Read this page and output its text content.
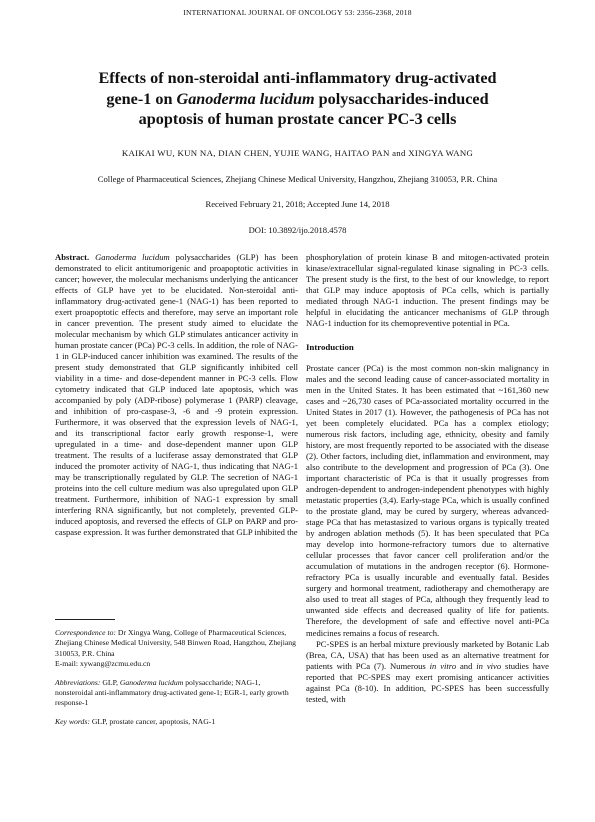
INTERNATIONAL JOURNAL OF ONCOLOGY 53: 2356-2368, 2018
Effects of non-steroidal anti-inflammatory drug-activated
gene-1 on Ganoderma lucidum polysaccharides-induced
apoptosis of human prostate cancer PC-3 cells
KAIKAI WU, KUN NA, DIAN CHEN, YUJIE WANG, HAITAO PAN and XINGYA WANG
College of Pharmaceutical Sciences, Zhejiang Chinese Medical University, Hangzhou, Zhejiang 310053, P.R. China
Received February 21, 2018; Accepted June 14, 2018
DOI: 10.3892/ijo.2018.4578

Abstract. Ganoderma lucidum polysaccharides (GLP) has been demonstrated to elicit antitumorigenic and proapoptotic activities in cancer; however, the molecular mechanisms underlying the anticancer effects of GLP have yet to be elucidated. Non-steroidal anti-inflammatory drug-activated gene-1 (NAG-1) has been reported to exert proapoptotic effects and therefore, may serve an important role in cancer prevention. The present study aimed to elucidate the molecular mechanism by which GLP stimulates anticancer activity in human prostate cancer (PCa) PC-3 cells. In addition, the role of NAG-1 in GLP-induced cancer inhibition was examined. The results of the present study demonstrated that GLP significantly inhibited cell viability in a time- and dose-dependent manner in PC-3 cells. Flow cytometry indicated that GLP induced late apoptosis, which was accompanied by poly (ADP-ribose) polymerase 1 (PARP) cleavage, and inhibition of pro-caspase-3, -6 and -9 protein expression. Furthermore, it was observed that the expression levels of NAG-1, and its transcriptional factor early growth response-1, were upregulated in a time- and dose-dependent manner upon GLP treatment. The results of a luciferase assay demonstrated that GLP induced the promoter activity of NAG-1, thus indicating that NAG-1 may be transcriptionally regulated by GLP. The secretion of NAG-1 proteins into the cell culture medium was also upregulated upon GLP treatment. Furthermore, inhibition of NAG-1 expression by small interfering RNA significantly, but not completely, prevented GLP-induced apoptosis, and reversed the effects of GLP on PARP and pro-caspase expression. It was further demonstrated that GLP inhibited the

Correspondence to: Dr Xingya Wang, College of Pharmaceutical Sciences, Zhejiang Chinese Medical University, 548 Binwen Road, Hangzhou, Zhejiang 310053, P.R. China
E-mail: xywang@zcmu.edu.cn

Abbreviations: GLP, Ganoderma lucidum polysaccharide; NAG-1, nonsteroidal anti-inflammatory drug-activated gene-1; EGR-1, early growth response-1

Key words: GLP, prostate cancer, apoptosis, NAG-1

phosphorylation of protein kinase B and mitogen-activated protein kinase/extracellular signal-regulated kinase signaling in PC-3 cells. The present study is the first, to the best of our knowledge, to report that GLP may induce apoptosis of PCa cells, which is partially mediated through NAG-1 induction. The present findings may be helpful in elucidating the anticancer mechanisms of GLP through NAG-1 induction for its chemopreventive potential in PCa.

Introduction

Prostate cancer (PCa) is the most common non-skin malignancy in males and the second leading cause of cancer-associated mortality in men in the United States. It has been estimated that ~161,360 new cases and ~26,730 cases of PCa-associated mortality occurred in the United States in 2017 (1). However, the pathogenesis of PCa has not yet been completely elucidated. PCa has a complex etiology; numerous risk factors, including age, ethnicity, obesity and family history, are most frequently reported to be associated with the disease (2). Other factors, including diet, inflammation and environment, may also contribute to the development and progression of PCa (3). One important characteristic of PCa is that it usually progresses from androgen-dependent to androgen-independent phenotypes with highly metastatic properties (3,4). Early-stage PCa, which is usually confined to the prostate gland, may be cured by surgery, whereas advanced-stage PCa that has metastasized to various organs is typically treated by androgen ablation methods (5). It has been speculated that PCa may develop into hormone-refractory tumors due to alternative cellular processes that favor cancer cell proliferation and/or the accumulation of mutations in the androgen receptor (6). Hormone-refractory PCa is usually incurable and eventually fatal. Besides surgery and hormonal treatment, radiotherapy and chemotherapy are also used to treat all stages of PCa, although they frequently lead to unwanted side effects and decreased quality of life for patients. Therefore, the development of safe and effective novel anti-PCa medicines remains a focus of research.

PC-SPES is an herbal mixture previously marketed by Botanic Lab (Brea, CA, USA) that has been used as an alternative treatment for patients with PCa (7). Numerous in vitro and in vivo studies have reported that PC-SPES may exert promising anticancer activities against PCa (8-10). In addition, PC-SPES has been successfully tested, with
